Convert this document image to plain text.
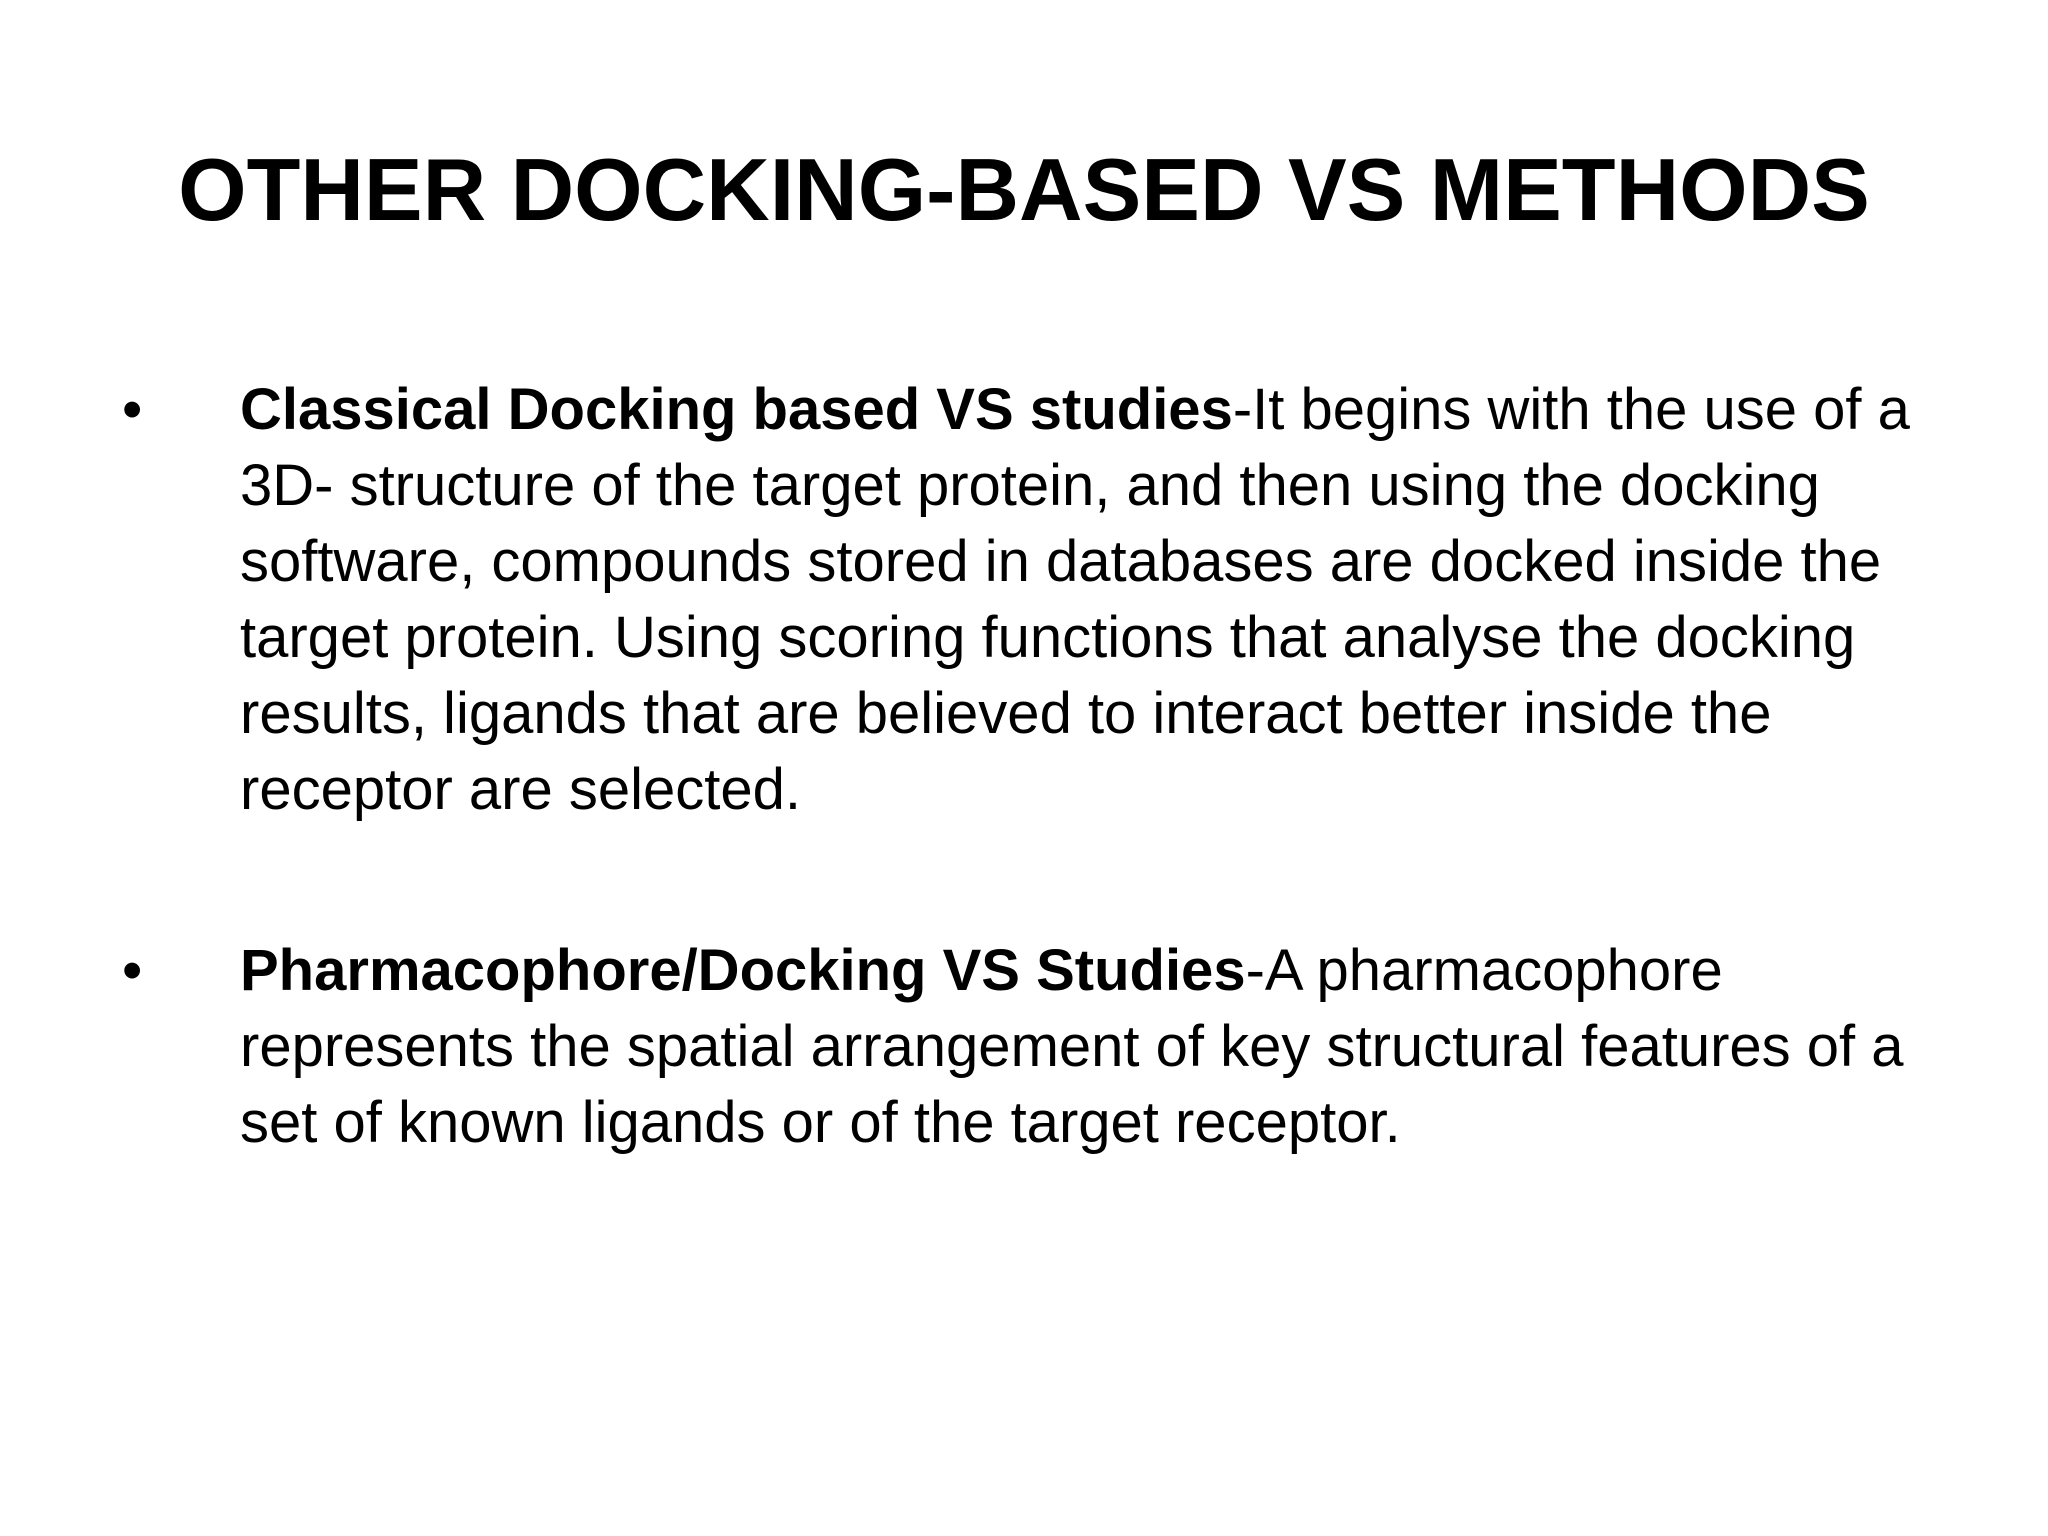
OTHER DOCKING-BASED VS METHODS
• Classical Docking based VS studies-It begins with the use of a 3D- structure of the target protein, and then using the docking software, compounds stored in databases are docked inside the target protein. Using scoring functions that analyse the docking results, ligands that are believed to interact better inside the receptor are selected.

• Pharmacophore/Docking VS Studies-A pharmacophore represents the spatial arrangement of key structural features of a set of known ligands or of the target receptor.
